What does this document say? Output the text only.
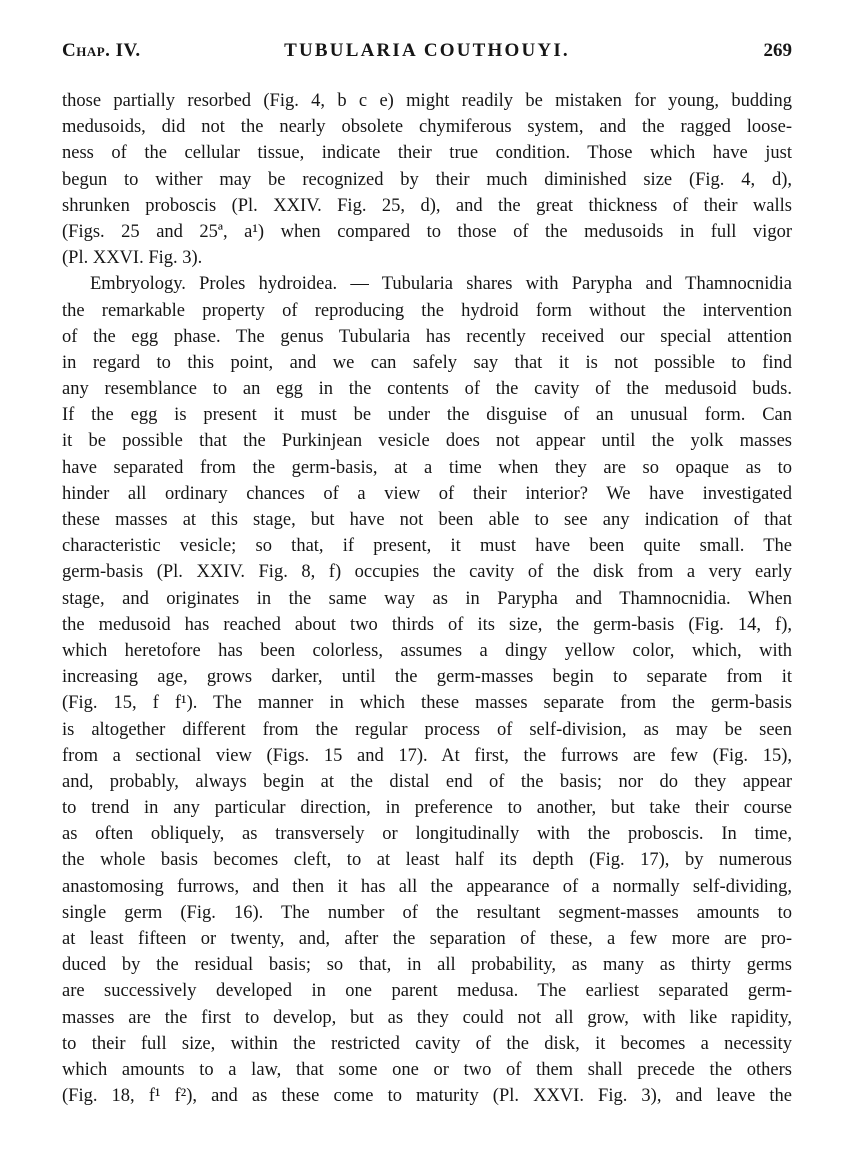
Chap. IV.	TUBULARIA COUTHOUYI.	269
those partially resorbed (Fig. 4, b c e) might readily be mistaken for young, budding
medusoids, did not the nearly obsolete chymiferous system, and the ragged loose-
ness of the cellular tissue, indicate their true condition. Those which have just
begun to wither may be recognized by their much diminished size (Fig. 4, d),
shrunken proboscis (Pl. XXIV. Fig. 25, d), and the great thickness of their walls
(Figs. 25 and 25ª, a¹) when compared to those of the medusoids in full vigor
(Pl. XXVI. Fig. 3).
Embryology. Proles hydroidea. — Tubularia shares with Parypha and Thamnocnidia
the remarkable property of reproducing the hydroid form without the intervention
of the egg phase. The genus Tubularia has recently received our special attention
in regard to this point, and we can safely say that it is not possible to find
any resemblance to an egg in the contents of the cavity of the medusoid buds.
If the egg is present it must be under the disguise of an unusual form. Can
it be possible that the Purkinjean vesicle does not appear until the yolk masses
have separated from the germ-basis, at a time when they are so opaque as to
hinder all ordinary chances of a view of their interior? We have investigated
these masses at this stage, but have not been able to see any indication of that
characteristic vesicle; so that, if present, it must have been quite small. The
germ-basis (Pl. XXIV. Fig. 8, f) occupies the cavity of the disk from a very early
stage, and originates in the same way as in Parypha and Thamnocnidia. When
the medusoid has reached about two thirds of its size, the germ-basis (Fig. 14, f),
which heretofore has been colorless, assumes a dingy yellow color, which, with
increasing age, grows darker, until the germ-masses begin to separate from it
(Fig. 15, f f¹). The manner in which these masses separate from the germ-basis
is altogether different from the regular process of self-division, as may be seen
from a sectional view (Figs. 15 and 17). At first, the furrows are few (Fig. 15),
and, probably, always begin at the distal end of the basis; nor do they appear
to trend in any particular direction, in preference to another, but take their course
as often obliquely, as transversely or longitudinally with the proboscis. In time,
the whole basis becomes cleft, to at least half its depth (Fig. 17), by numerous
anastomosing furrows, and then it has all the appearance of a normally self-dividing,
single germ (Fig. 16). The number of the resultant segment-masses amounts to
at least fifteen or twenty, and, after the separation of these, a few more are pro-
duced by the residual basis; so that, in all probability, as many as thirty germs
are successively developed in one parent medusa. The earliest separated germ-
masses are the first to develop, but as they could not all grow, with like rapidity,
to their full size, within the restricted cavity of the disk, it becomes a necessity
which amounts to a law, that some one or two of them shall precede the others
(Fig. 18, f¹ f²), and as these come to maturity (Pl. XXVI. Fig. 3), and leave the
